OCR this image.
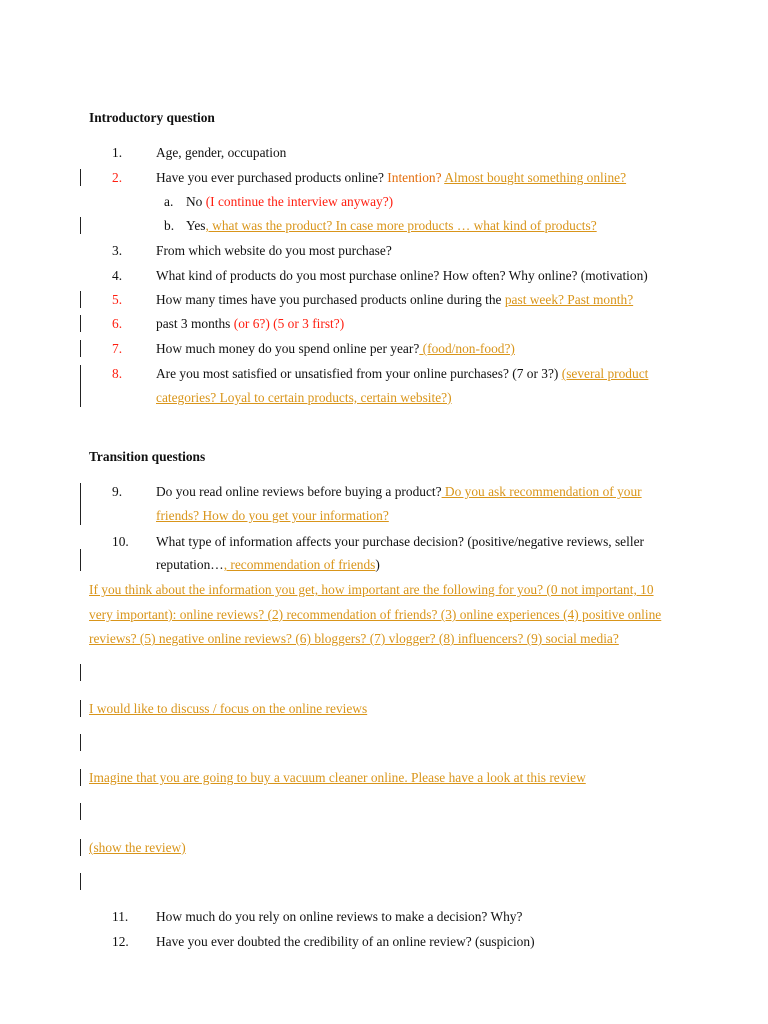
Introductory question
1.	Age, gender, occupation
2.	Have you ever purchased products online? Intention? Almost bought something online?
a. No (I continue the interview anyway?)
b. Yes, what was the product? In case more products … what kind of products?
3.	From which website do you most purchase?
4.	What kind of products do you most purchase online? How often? Why online? (motivation)
5.	How many times have you purchased products online during the past week? Past month?
6.	past 3 months (or 6?) (5 or 3 first?)
7.	How much money do you spend online per year? (food/non-food?)
8.	Are you most satisfied or unsatisfied from your online purchases? (7 or 3?) (several product
categories? Loyal to certain products, certain website?)
Transition questions
9.	Do you read online reviews before buying a product? Do you ask recommendation of your
friends? How do you get your information?
10.	What type of information affects your purchase decision? (positive/negative reviews, seller
reputation…, recommendation of friends)
If you think about the information you get, how important are the following for you? (0 not important, 10
very important): online reviews? (2) recommendation of friends? (3) online experiences (4) positive online
reviews? (5) negative online reviews? (6) bloggers? (7) vlogger? (8) influencers? (9) social media?
I would like to discuss / focus on the online reviews
Imagine that you are going to buy a vacuum cleaner online. Please have a look at this review
(show the review)
11.	How much do you rely on online reviews to make a decision? Why?
12.	Have you ever doubted the credibility of an online review? (suspicion)
